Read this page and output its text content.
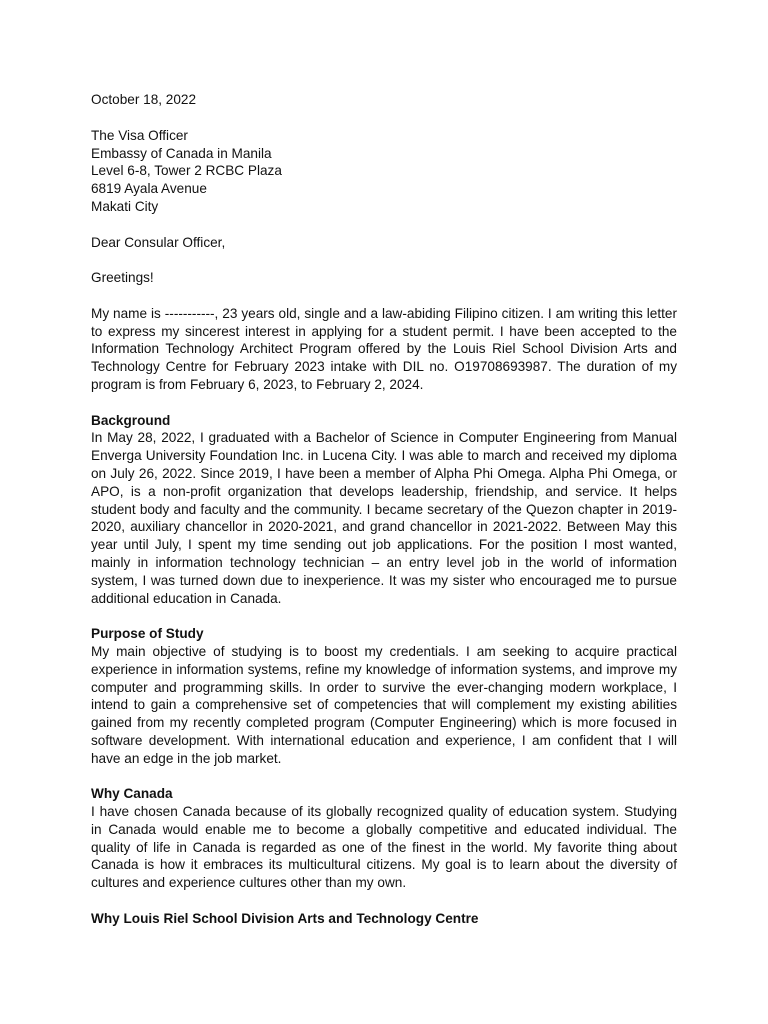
October 18, 2022
The Visa Officer
Embassy of Canada in Manila
Level 6-8, Tower 2 RCBC Plaza
6819 Ayala Avenue
Makati City
Dear Consular Officer,
Greetings!

My name is -----------, 23 years old, single and a law-abiding Filipino citizen. I am writing this letter to express my sincerest interest in applying for a student permit. I have been accepted to the Information Technology Architect Program offered by the Louis Riel School Division Arts and Technology Centre for February 2023 intake with DIL no. O19708693987. The duration of my program is from February 6, 2023, to February 2, 2024.

Background

In May 28, 2022, I graduated with a Bachelor of Science in Computer Engineering from Manual Enverga University Foundation Inc. in Lucena City. I was able to march and received my diploma on July 26, 2022. Since 2019, I have been a member of Alpha Phi Omega. Alpha Phi Omega, or APO, is a non-profit organization that develops leadership, friendship, and service. It helps student body and faculty and the community. I became secretary of the Quezon chapter in 2019-2020, auxiliary chancellor in 2020-2021, and grand chancellor in 2021-2022. Between May this year until July, I spent my time sending out job applications. For the position I most wanted, mainly in information technology technician – an entry level job in the world of information system, I was turned down due to inexperience. It was my sister who encouraged me to pursue additional education in Canada.

Purpose of Study

My main objective of studying is to boost my credentials. I am seeking to acquire practical experience in information systems, refine my knowledge of information systems, and improve my computer and programming skills. In order to survive the ever-changing modern workplace, I intend to gain a comprehensive set of competencies that will complement my existing abilities gained from my recently completed program (Computer Engineering) which is more focused in software development. With international education and experience, I am confident that I will have an edge in the job market.

Why Canada

I have chosen Canada because of its globally recognized quality of education system. Studying in Canada would enable me to become a globally competitive and educated individual. The quality of life in Canada is regarded as one of the finest in the world. My favorite thing about Canada is how it embraces its multicultural citizens. My goal is to learn about the diversity of cultures and experience cultures other than my own.

Why Louis Riel School Division Arts and Technology Centre
